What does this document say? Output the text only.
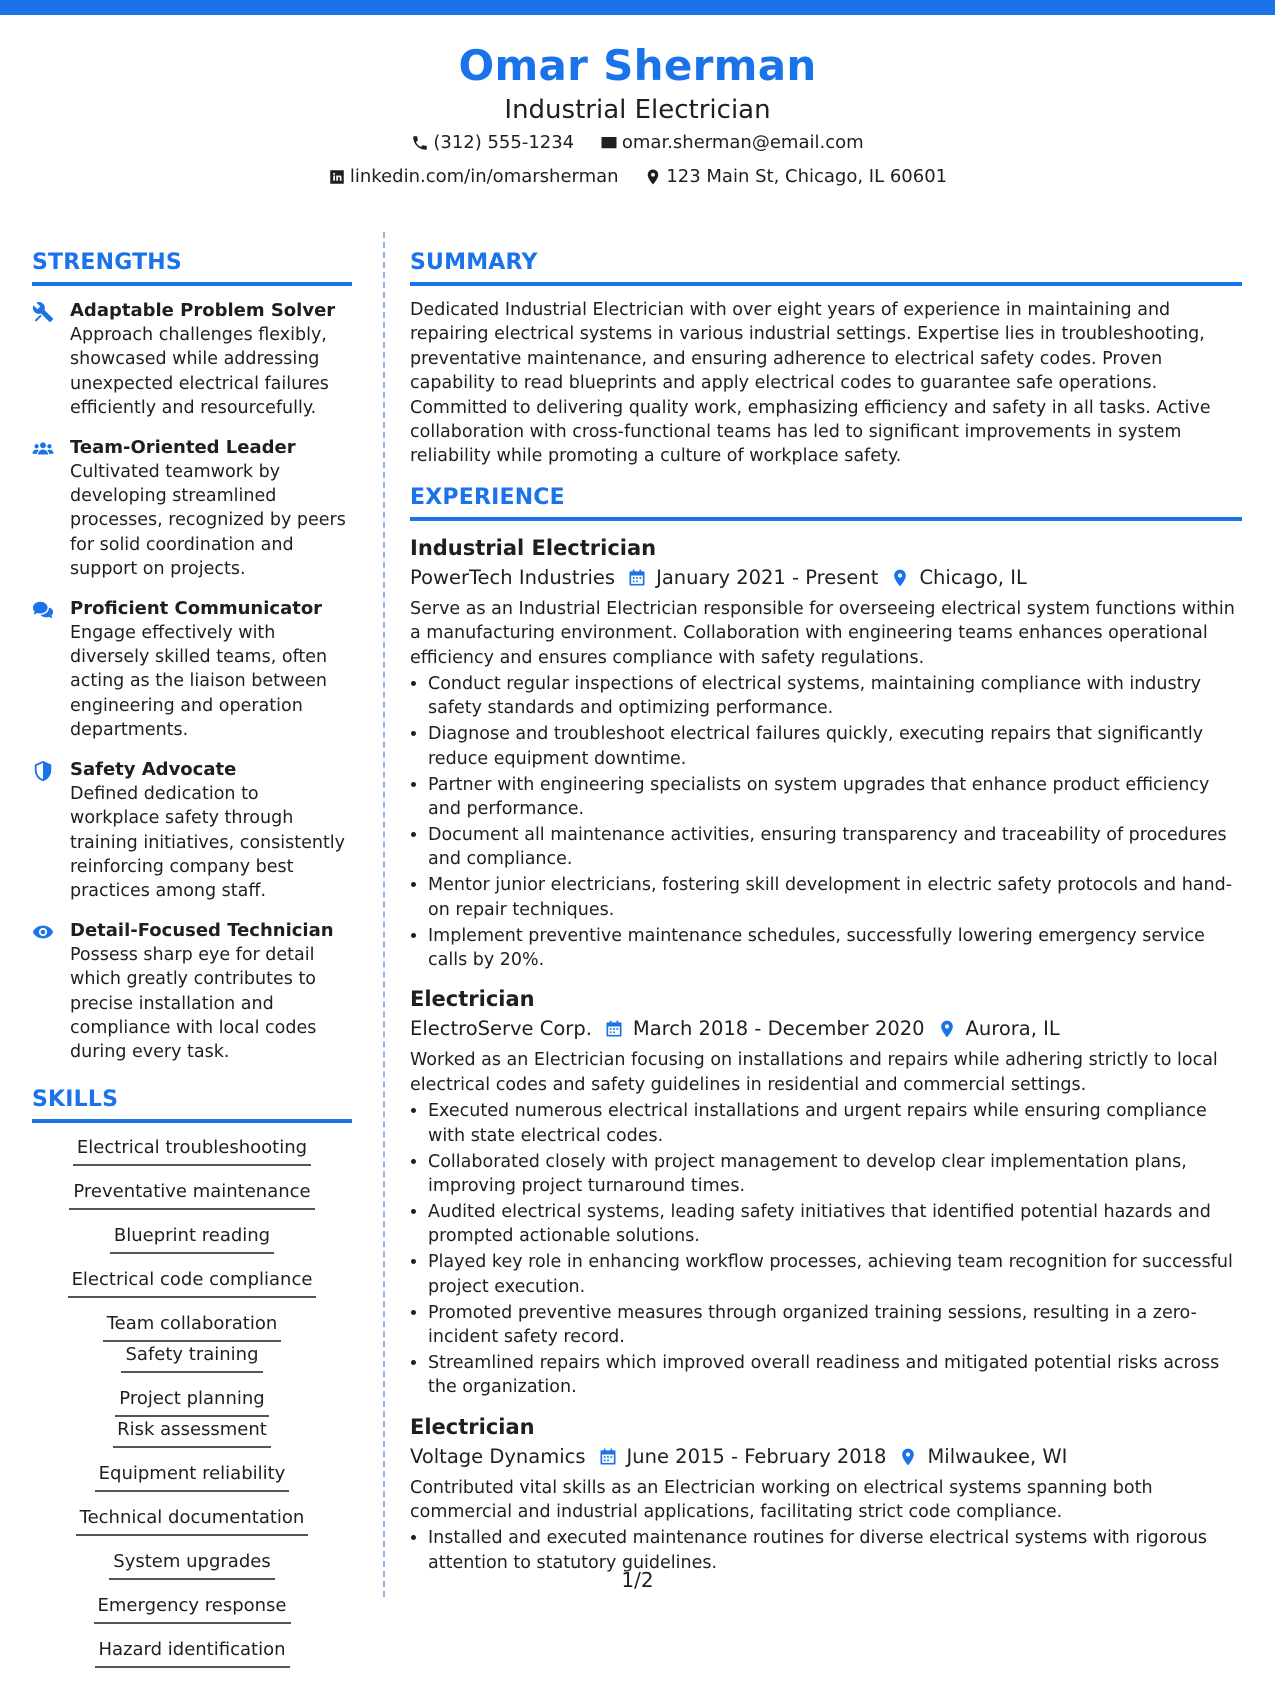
Omar Sherman
Industrial Electrician
(312) 555-1234
	omar.sherman@email.com
linkedin.com/in/omarsherman
	123 Main St, Chicago, IL 60601
STRENGTHS
Adaptable Problem Solver
Approach challenges flexibly, showcased while addressing unexpected electrical failures efficiently and resourcefully.
Team-Oriented Leader
Cultivated teamwork by developing streamlined processes, recognized by peers for solid coordination and support on projects.
Proficient Communicator
Engage effectively with diversely skilled teams, often acting as the liaison between engineering and operation departments.
Safety Advocate
Defined dedication to workplace safety through training initiatives, consistently reinforcing company best practices among staff.
Detail-Focused Technician
Possess sharp eye for detail which greatly contributes to precise installation and compliance with local codes during every task.
SKILLS
Electrical troubleshooting
Preventative maintenance
Blueprint reading
Electrical code compliance
Team collaborationSafety training
Project planningRisk assessment
Equipment reliability
Technical documentation
System upgrades
Emergency response
Hazard identification
SUMMARY
Dedicated Industrial Electrician with over eight years of experience in maintaining and repairing electrical systems in various industrial settings. Expertise lies in troubleshooting, preventative maintenance, and ensuring adherence to electrical safety codes. Proven capability to read blueprints and apply electrical codes to guarantee safe operations. Committed to delivering quality work, emphasizing efficiency and safety in all tasks. Active collaboration with cross-functional teams has led to significant improvements in system reliability while promoting a culture of workplace safety.
EXPERIENCE
Industrial Electrician
PowerTech Industries January 2021 - Present Chicago, IL
Serve as an Industrial Electrician responsible for overseeing electrical system functions within a manufacturing environment. Collaboration with engineering teams enhances operational efficiency and ensures compliance with safety regulations.
• Conduct regular inspections of electrical systems, maintaining compliance with industry safety standards and optimizing performance.
• Diagnose and troubleshoot electrical failures quickly, executing repairs that significantly reduce equipment downtime.
• Partner with engineering specialists on system upgrades that enhance product efficiency and performance.
• Document all maintenance activities, ensuring transparency and traceability of procedures and compliance.
• Mentor junior electricians, fostering skill development in electric safety protocols and hand-on repair techniques.
• Implement preventive maintenance schedules, successfully lowering emergency service calls by 20%.
Electrician
ElectroServe Corp. March 2018 - December 2020 Aurora, IL
Worked as an Electrician focusing on installations and repairs while adhering strictly to local electrical codes and safety guidelines in residential and commercial settings.
• Executed numerous electrical installations and urgent repairs while ensuring compliance with state electrical codes.
• Collaborated closely with project management to develop clear implementation plans, improving project turnaround times.
• Audited electrical systems, leading safety initiatives that identified potential hazards and prompted actionable solutions.
• Played key role in enhancing workflow processes, achieving team recognition for successful project execution.
• Promoted preventive measures through organized training sessions, resulting in a zero-incident safety record.
• Streamlined repairs which improved overall readiness and mitigated potential risks across the organization.
Electrician
Voltage Dynamics June 2015 - February 2018 Milwaukee, WI
Contributed vital skills as an Electrician working on electrical systems spanning both commercial and industrial applications, facilitating strict code compliance.
• Installed and executed maintenance routines for diverse electrical systems with rigorous attention to statutory guidelines.
1/2
